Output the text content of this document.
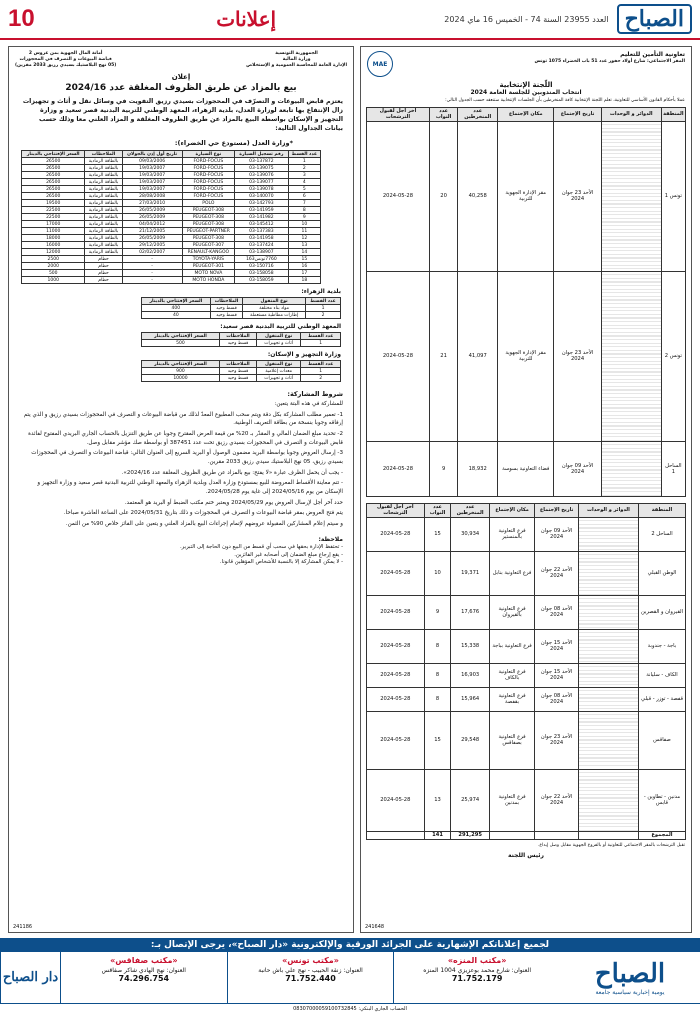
10	إعلانات	الصباح
العدد 23955 السنة 74 - الخميس 16 ماي 2024
الجمهورية التونسية
وزارة المالية
الإدارة العامة للمحاسبة العمومية و الإستخلاص
أمانة المال الجهوية بمن عروس 2
قباضة البيوعات و التصرف في المحجوزات
(05 نهج البلاستيك بسيدي رزيق 2033 مقرين)
إعلان
بيع بالمزاد عن طريق الظروف المغلقة عدد 2024/16
يعتزم قابض البيوعات و التصرّف في المحجوزات بسيدي رزيق التفويت في وسائل نقل و أثاث و تجهيزات زال الإنتفاع بها تابعة لوزارة العدل، بلدية الزهراء، المعهد الوطني للتربية البدنية قصر سعيد و وزارة التجهيز و الإسكان بواسطة البيع بالمزاد عن طريق الظروف المغلقة و المزاد العلني معا وذلك حسب بيانات الجداول التالية:
*وزارة العدل (مستودع حي الخضراء):
عدد القسط	رقم تسجيل السيارة	نوع السيارة	تاريخ أول إذن بالجولان	الملاحظات	السعر الإفتتاحي بالدينار
1	03-137872	FORD-FOCUS	09/03/2006	بالطاقة الرمادية	26500
2	03-139075	FORD-FOCUS	19/03/2007	بالطاقة الرمادية	26500
3	03-139076	FORD-FOCUS	19/03/2007	بالطاقة الرمادية	26500
4	03-139077	FORD-FOCUS	19/03/2007	بالطاقة الرمادية	26500
5	03-139078	FORD-FOCUS	19/03/2007	بالطاقة الرمادية	26500
6	03-140070	FORD-FOCUS	28/08/2008	بالطاقة الرمادية	26500
7	03-142793	POLO	27/03/2010	بالطاقة الرمادية	19500
8	03-141959	PEUGEOT-308	26/05/2009	بالطاقة الرمادية	22500
9	03-141982	PEUGEOT-308	26/05/2009	بالطاقة الرمادية	22500
10	03-145412	PEUGEOT-308	04/04/2012	بالطاقة الرمادية	17000
11	03-137383	PEUGEOT-PARTNER	21/12/2005	بالطاقة الرمادية	11000
12	03-141958	PEUGEOT-308	26/05/2009	بالطاقة الرمادية	18000
13	03-137424	PEUGEOT-307	29/12/2005	بالطاقة الرمادية	16000
14	03-138907	RENAULT-KANGOO	02/02/2007	بالطاقة الرمادية	12000
15	7760تونس163	TOYOTA-YARIS	-	حطام	2500
16	03-150716	PEUGEOT-301	-	حطام	2000
17	03-158058	MOTO NOVA	-	حطام	500
18	03-158059	MOTO HONDA	-	حطام	1000
بلدية الزهراء:
عدد القسط	نوع المنقول	الملاحظات	السعر الإفتتاحي بالدينار
1	مواد بناء مختلفة	قسط وحيد	400
2	إطارات مطاطية مستعملة	قسط وحيد	40
المعهد الوطني للتربية البدنية قصر سعيد:
عدد القسط	نوع المنقول	الملاحظات	السعر الإفتتاحي بالدينار
1	أثاث و تجهيزات	قسط وحيد	500
وزارة التجهيز و الإسكان:
عدد القسط	نوع المنقول	الملاحظات	السعر الإفتتاحي بالدينار
1	معدات إعلامية	قسط وحيد	900
2	أثاث و تجهيزات	قسط وحيد	10000
شروط المشاركة:
للمشاركة في هذه البتة يتعين:
1- تعمير مطلب المشاركة بكل دقة ويتم سحب المطبوع المعدّ لذلك من قباضة البيوعات و التصرف في المحجوزات بسيدي رزيق و الذي يتم إرفاقه وجوبا بنسخة من بطاقة التعريف الوطنية.
2- تحديد مبلغ الضمان المالي و المقدّر بـ 20% من قيمة العرض المقترح وجوبا عن طريق التنزيل بالحساب الجاري البريدي المفتوح لفائدة قابض البيوعات و التصرف في المحجوزات بسيدي رزيق تحت عدد 387451 أو بواسطة صك مؤشر مقابل وصل.
3- إرسال العروض وجوبا بواسطة البريد مضمون الوصول أو البريد السريع إلى العنوان التالي: قباضة البيوعات و التصرف في المحجوزات بسيدي رزيق، 05 نهج البلاستيك سيدي رزيق 2033 مقرين.
- يجب أن يحمل الظرف عبارة «لا يفتح: بيع بالمزاد عن طريق الظروف المغلقة عدد 2024/16».
- تتم معاينة الأقساط المعروضة للبيع بمستودع وزارة العدل وبلدية الزهراء والمعهد الوطني للتربية البدنية قصر سعيد و وزارة التجهيز و الإسكان من يوم 2024/05/16 إلى غاية يوم 2024/05/28.
حدد آخر أجل لإرسال العروض يوم 2024/05/29 ويعتبر ختم مكتب الضبط أو البريد هو المعتمد.
يتم فتح العروض بمقر قباضة البيوعات و التصرف في المحجوزات و ذلك بتاريخ 2024/05/31 على الساعة العاشرة صباحا.
و سيتم إعلام المشاركين المقبولة عروضهم لإتمام إجراءات البيع بالمزاد العلني و يتعين على الفائز خلاص 90% من الثمن.
ملاحظة:
- تحتفظ الإدارة بحقها في سحب أي قسط من البيع دون الحاجة إلى التبرير.
- يقع إرجاع مبلغ الضمان إلى أصحابه غير الفائزين.
- لا يمكن المشاركة إلا بالنسبة للأشخاص المؤهلين قانونا.
241186
تعاونية التأمين للتعليم
المقر الاجتماعي: شارع أولاد حفوز عدد 51 باب الخضراء 1075 تونس
MAE
اللّجنة الإنتخابية
انتخاب المندوبين للجلسة العامة 2024
عملا بأحكام القانون الأساسي للتعاونية، تعلم اللجنة الإنتخابية كافة المنخرطين بأن الجلسات الإنتخابية ستنعقد حسب الجدول التالي:
المنطقة	الدوائر و الوحدات	تاريخ الإجتماع	مكان الإجتماع	عدد المنخرطين	عدد النواب	آخر أجل لقبول الترشحات
تونس 1		الأحد 23 جوان 2024	مقر الإدارة الجهوية للتربية	40,258	20	2024-05-28
تونس 2		الأحد 23 جوان 2024	مقر الإدارة الجهوية للتربية	41,097	21	2024-05-28
الساحل 1		الأحد 09 جوان 2024	فضاء التعاونية بسوسة	18,932	9	2024-05-28
المنطقة	الدوائر و الوحدات	تاريخ الإجتماع	مكان الإجتماع	عدد المنخرطين	عدد النواب	آخر أجل لقبول الترشحات
الساحل 2		الأحد 09 جوان 2024	فرع التعاونية بالمنستير	30,934	15	2024-05-28
الوطن القبلي		الأحد 22 جوان 2024	فرع التعاونية بنابل	19,371	10	2024-05-28
القيروان و القصرين		الأحد 08 جوان 2024	فرع التعاونية بالقيروان	17,676	9	2024-05-28
باجة - جندوبة		الأحد 15 جوان 2024	فرع التعاونية بباجة	15,338	8	2024-05-28
الكاف - سليانة		الأحد 15 جوان 2024	فرع التعاونية بالكاف	16,903	8	2024-05-28
قفصة - توزر - قبلي		الأحد 08 جوان 2024	فرع التعاونية بقفصة	15,964	8	2024-05-28
صفاقس		الأحد 23 جوان 2024	فرع التعاونية بصفاقس	29,548	15	2024-05-28
مدنين - تطاوين - قابس		الأحد 22 جوان 2024	فرع التعاونية بمدنين	25,974	13	2024-05-28
المجموع				291,295	141	
تقبل الترشحات بالمقر الاجتماعي للتعاونية أو بالفروع الجهوية مقابل وصل إيداع.
رئيس اللجنة
241648
لجميع إعلاناتكم الإشهارية على الجرائد الورقية والإلكترونية «دار الصباح»، يرجى الإتصال بـ:
الصباح
يومية إخبارية سياسية جامعة
«مكتب المنزه»
العنوان: شارع محمد بوعزيزي 1004 المنزه
71.752.179
«مكتب تونس»
العنوان: زنقة الحبيب - نهج علي باش حانبة
71.752.440
«مكتب صفاقس»
العنوان: نهج الهادي شاكر صفاقس
74.296.754
دار الصباح
الحساب الجاري البنكي: 08307000059100732845
